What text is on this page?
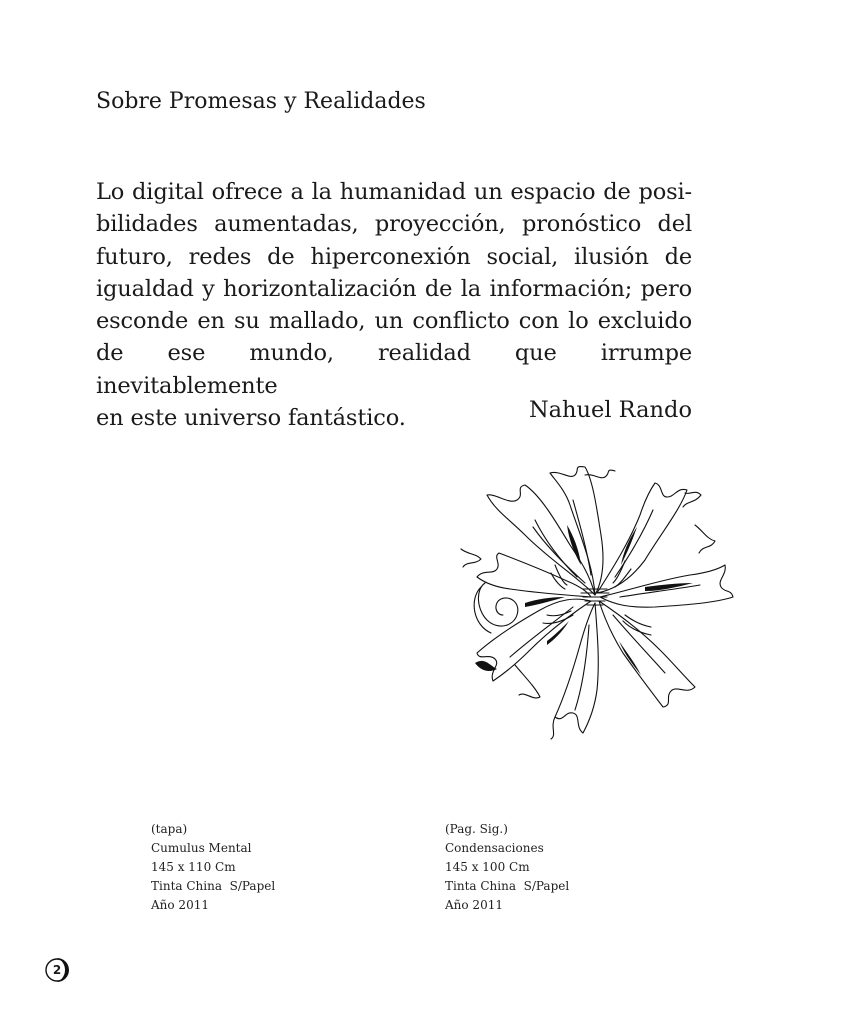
Sobre Promesas y Realidades

Lo digital ofrece a la humanidad un espacio de posi-
bilidades aumentadas, proyección, pronóstico del
futuro, redes de hiperconexión social, ilusión de
igualdad y horizontalización de la información; pero
esconde en su mallado, un conflicto con lo excluido
de ese mundo, realidad que irrumpe inevitablemente
en este universo fantástico.	Nahuel Rando
(tapa)
Cumulus Mental
145 x 110 Cm
Tinta China  S/Papel
Año 2011
(Pag. Sig.)
Condensaciones
145 x 100 Cm
Tinta China  S/Papel
Año 2011
2
